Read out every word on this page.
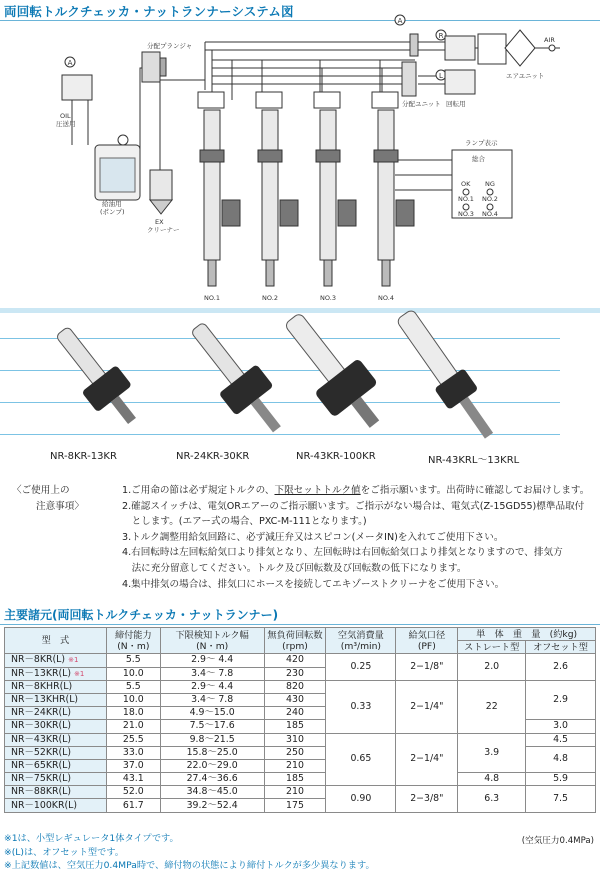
両回転トルクチェッカ・ナットランナーシステム図
A
A
R
L
分配プランジャ
OIL
圧送用
給油用
(ポンプ)
EX
クリーナー
分配ユニット 回転用
AIR
エアユニット
ランプ表示
総合
OK NG
NO.1 NO.2
NO.3 NO.4
NO.1	NO.2	NO.3	NO.4
NR-8KR-13KR	NR-24KR-30KR	NR-43KR-100KR	NR-43KRL〜13KRL
〈ご使用上の
注意事項〉
1.ご用命の節は必ず規定トルクの、下限セットトルク値をご指示願います。出荷時に確認してお届けします。
2.確認スイッチは、電気ORエアーのご指示願います。ご指示がない場合は、電気式(Z-15GD55)標準品取付
　とします。(エアー式の場合、PXC-M-111となります。)
3.トルク調整用給気回路に、必ず減圧弁又はスピコン(メータIN)を入れてご使用下さい。
4.右回転時は左回転給気口より排気となり、左回転時は右回転給気口より排気となりますので、排気方
　法に充分留意してください。トルク及び回転数及び回転数の低下になります。
4.集中排気の場合は、排気口にホースを接続してエキゾーストクリーナをご使用下さい。
主要諸元(両回転トルクチェッカ・ナットランナー)
型　式	締付能力
(N・m)	下限検知トルク幅
(N・m)	無負荷回転数
(rpm)	空気消費量
(m³/min)	給気口径
(PF)	単　体　重　量　(約kg)	
						ストレート型	オフセット型
NR－8KR(L) ※1	5.5	2.9〜 4.4	420	0.25	2−1/8"	2.0	2.6
NR－13KR(L) ※1	10.0	3.4〜 7.8	230				
NR－8KHR(L)	5.5	2.9〜 4.4	820	0.33	2−1/4"	22	2.9
NR－13KHR(L)	10.0	3.4〜 7.8	430				
NR－24KR(L)	18.0	4.9〜15.0	240				
NR－30KR(L)	21.0	7.5〜17.6	185				3.0
NR－43KR(L)	25.5	9.8〜21.5	310	0.65	2−1/4"	3.9	4.5
NR－52KR(L)	33.0	15.8〜25.0	250				4.8
NR－65KR(L)	37.0	22.0〜29.0	210				
NR－75KR(L)	43.1	27.4〜36.6	185			4.8	5.9
NR－88KR(L)	52.0	34.8〜45.0	210	0.90	2−3/8"	6.3	7.5
NR－100KR(L)	61.7	39.2〜52.4	175				
(空気圧力0.4MPa)
※1は、小型レギュレータ1体タイプです。
※(L)は、オフセット型です。
※上記数値は、空気圧力0.4MPa時で、締付物の状態により締付トルクが多少異なります。
